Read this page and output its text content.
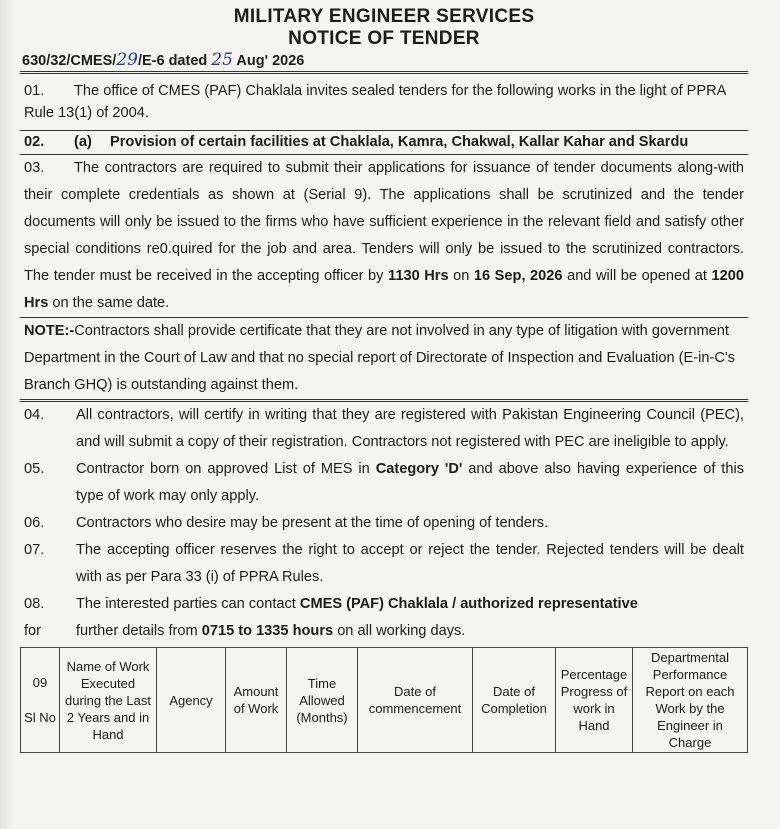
MILITARY ENGINEER SERVICES
NOTICE OF TENDER
630/32/CMES/29/E-6 dated 25 Aug' 2026
01. The office of CMES (PAF) Chaklala invites sealed tenders for the following works in the light of PPRA Rule 13(1) of 2004.
02.	(a)	Provision of certain facilities at Chaklala, Kamra, Chakwal, Kallar Kahar and Skardu
03. The contractors are required to submit their applications for issuance of tender documents along-with their complete credentials as shown at (Serial 9). The applications shall be scrutinized and the tender documents will only be issued to the firms who have sufficient experience in the relevant field and satisfy other special conditions re0.quired for the job and area. Tenders will only be issued to the scrutinized contractors. The tender must be received in the accepting officer by 1130 Hrs on 16 Sep, 2026 and will be opened at 1200 Hrs on the same date.
NOTE:-Contractors shall provide certificate that they are not involved in any type of litigation with government Department in the Court of Law and that no special report of Directorate of Inspection and Evaluation (E-in-C's Branch GHQ) is outstanding against them.
04.	All contractors, will certify in writing that they are registered with Pakistan Engineering Council (PEC), and will submit a copy of their registration. Contractors not registered with PEC are ineligible to apply.
05.	Contractor born on approved List of MES in Category 'D' and above also having experience of this type of work may only apply.
06.	Contractors who desire may be present at the time of opening of tenders.
07.	The accepting officer reserves the right to accept or reject the tender. Rejected tenders will be dealt with as per Para 33 (i) of PPRA Rules.
08.
for
The interested parties can contact CMES (PAF) Chaklala / authorized representative
further details from 0715 to 1335 hours on all working days.
09
Sl No
	Name of Work Executed during the Last 2 Years and in Hand	Agency	Amount of Work	Time Allowed (Months)	Date of commencement	Date of Completion	Percentage Progress of work in Hand	Departmental Performance Report on each Work by the Engineer in Charge
